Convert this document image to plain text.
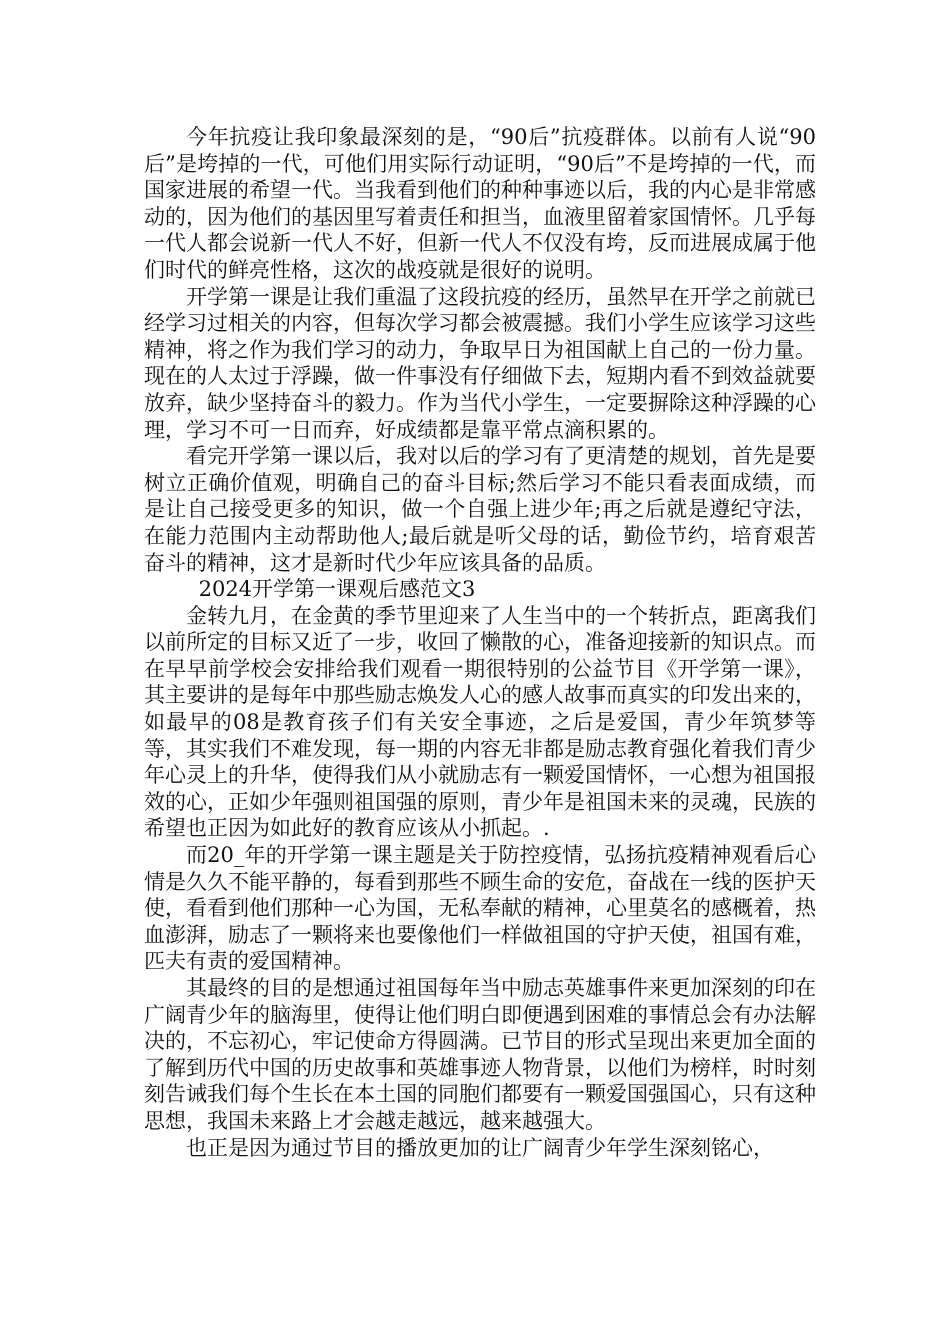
今年抗疫让我印象最深刻的是，“90后”抗疫群体。以前有人说“90后”是垮掉的一代，可他们用实际行动证明，“90后”不是垮掉的一代，而国家进展的希望一代。当我看到他们的种种事迹以后，我的内心是非常感动的，因为他们的基因里写着责任和担当，血液里留着家国情怀。几乎每一代人都会说新一代人不好，但新一代人不仅没有垮，反而进展成属于他们时代的鲜亮性格，这次的战疫就是很好的说明。

开学第一课是让我们重温了这段抗疫的经历，虽然早在开学之前就已经学习过相关的内容，但每次学习都会被震撼。我们小学生应该学习这些精神，将之作为我们学习的动力，争取早日为祖国献上自己的一份力量。现在的人太过于浮躁，做一件事没有仔细做下去，短期内看不到效益就要放弃，缺少坚持奋斗的毅力。作为当代小学生，一定要摒除这种浮躁的心理，学习不可一日而弃，好成绩都是靠平常点滴积累的。

看完开学第一课以后，我对以后的学习有了更清楚的规划，首先是要树立正确价值观，明确自己的奋斗目标;然后学习不能只看表面成绩，而是让自己接受更多的知识，做一个自强上进少年;再之后就是遵纪守法，在能力范围内主动帮助他人;最后就是听父母的话，勤俭节约，培育艰苦奋斗的精神，这才是新时代少年应该具备的品质。

2024开学第一课观后感范文3

金转九月，在金黄的季节里迎来了人生当中的一个转折点，距离我们以前所定的目标又近了一步，收回了懒散的心，准备迎接新的知识点。而在早早前学校会安排给我们观看一期很特别的公益节目《开学第一课》，其主要讲的是每年中那些励志焕发人心的感人故事而真实的印发出来的，如最早的08是教育孩子们有关安全事迹，之后是爱国，青少年筑梦等等，其实我们不难发现，每一期的内容无非都是励志教育强化着我们青少年心灵上的升华，使得我们从小就励志有一颗爱国情怀，一心想为祖国报效的心，正如少年强则祖国强的原则，青少年是祖国未来的灵魂，民族的希望也正因为如此好的教育应该从小抓起。.

而20_年的开学第一课主题是关于防控疫情，弘扬抗疫精神观看后心情是久久不能平静的，每看到那些不顾生命的安危，奋战在一线的医护天使，看看到他们那种一心为国，无私奉献的精神，心里莫名的感概着，热血澎湃，励志了一颗将来也要像他们一样做祖国的守护天使，祖国有难，匹夫有责的爱国精神。

其最终的目的是想通过祖国每年当中励志英雄事件来更加深刻的印在广阔青少年的脑海里，使得让他们明白即便遇到困难的事情总会有办法解决的，不忘初心，牢记使命方得圆满。已节目的形式呈现出来更加全面的了解到历代中国的历史故事和英雄事迹人物背景，以他们为榜样，时时刻刻告诫我们每个生长在本土国的同胞们都要有一颗爱国强国心，只有这种思想，我国未来路上才会越走越远，越来越强大。

也正是因为通过节目的播放更加的让广阔青少年学生深刻铭心，
